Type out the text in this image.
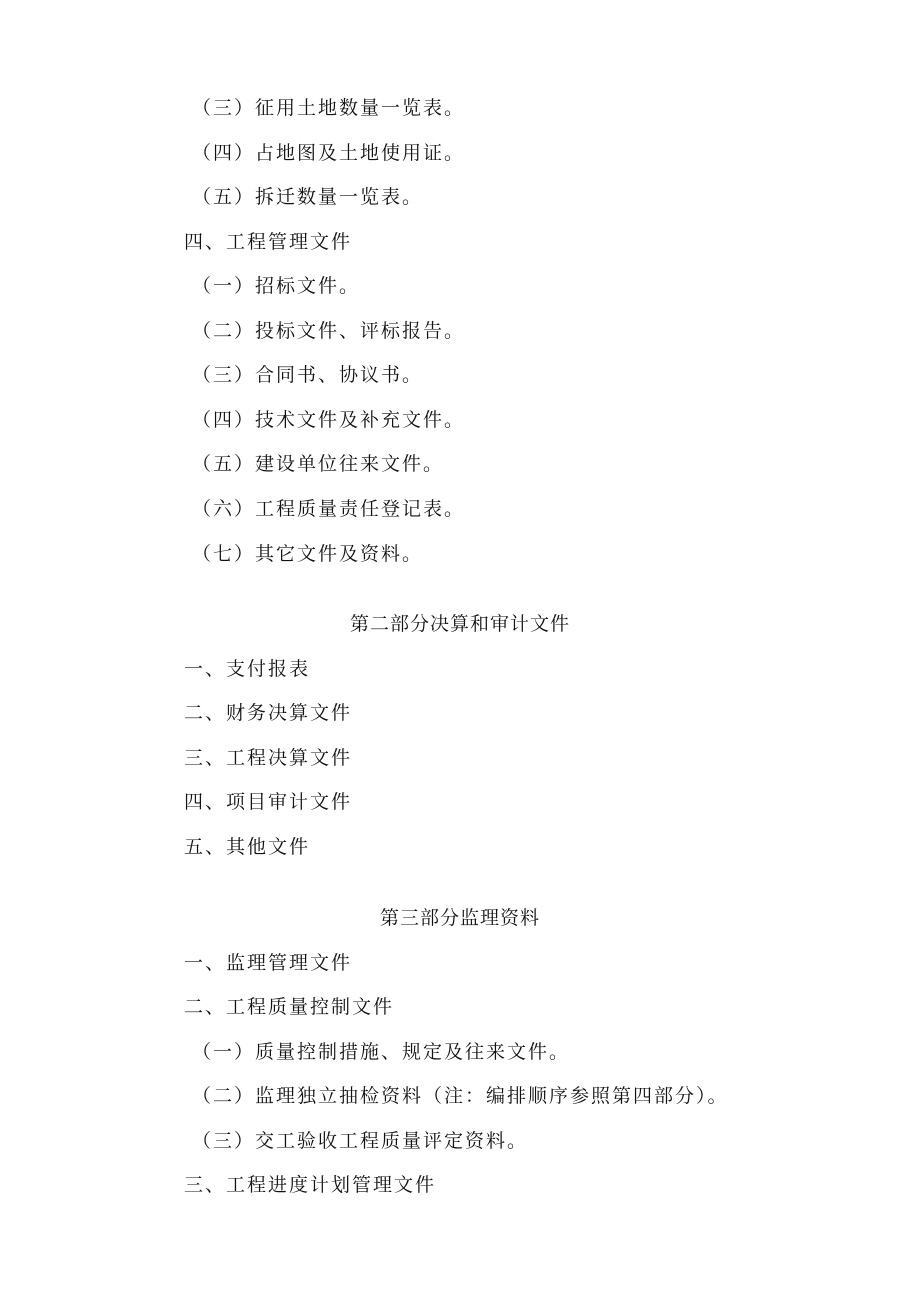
（三）征用土地数量一览表。
（四）占地图及土地使用证。
（五）拆迁数量一览表。
四、工程管理文件
（一）招标文件。
（二）投标文件、评标报告。
（三）合同书、协议书。
（四）技术文件及补充文件。
（五）建设单位往来文件。
（六）工程质量责任登记表。
（七）其它文件及资料。
第二部分决算和审计文件
一、支付报表
二、财务决算文件
三、工程决算文件
四、项目审计文件
五、其他文件
第三部分监理资料
一、监理管理文件
二、工程质量控制文件
（一）质量控制措施、规定及往来文件。
（二）监理独立抽检资料（注：编排顺序参照第四部分）。
（三）交工验收工程质量评定资料。
三、工程进度计划管理文件
